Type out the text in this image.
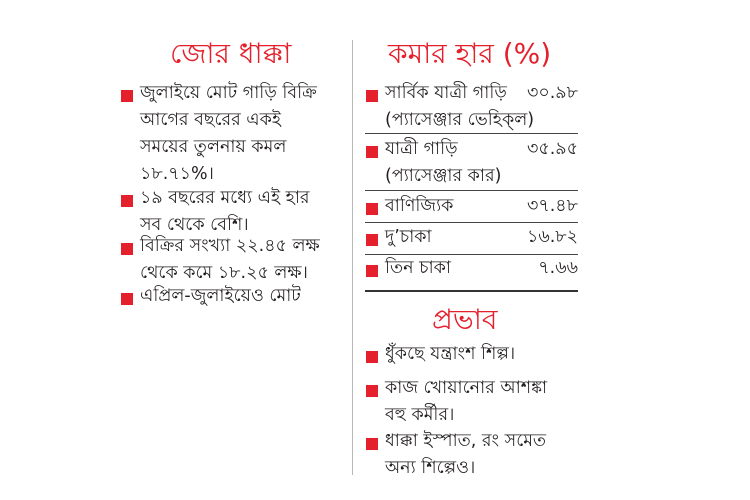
জোর ধাক্কা
জুলাইয়ে মোট গাড়ি বিক্রি
আগের বছরের একই
সময়ের তুলনায় কমল
১৮.৭১%।
১৯ বছরের মধ্যে এই হার
সব থেকে বেশি।
বিক্রির সংখ্যা ২২.৪৫ লক্ষ
থেকে কমে ১৮.২৫ লক্ষ।
এপ্রিল-জুলাইয়েও মোট
কমার হার (%)
সার্বিক যাত্রী গাড়ি
(প্যাসেঞ্জার ভেহিক্‌ল)
৩০.৯৮
যাত্রী গাড়ি
(প্যাসেঞ্জার কার)
৩৫.৯৫
বাণিজ্যিক	৩৭.৪৮
দু’চাকা	১৬.৮২
তিন চাকা	৭.৬৬
প্রভাব
ধুঁকছে যন্ত্রাংশ শিল্প।
কাজ খোয়ানোর আশঙ্কা
বহু কর্মীর।
ধাক্কা ইস্পাত, রং সমেত
অন্য শিল্পেও।
